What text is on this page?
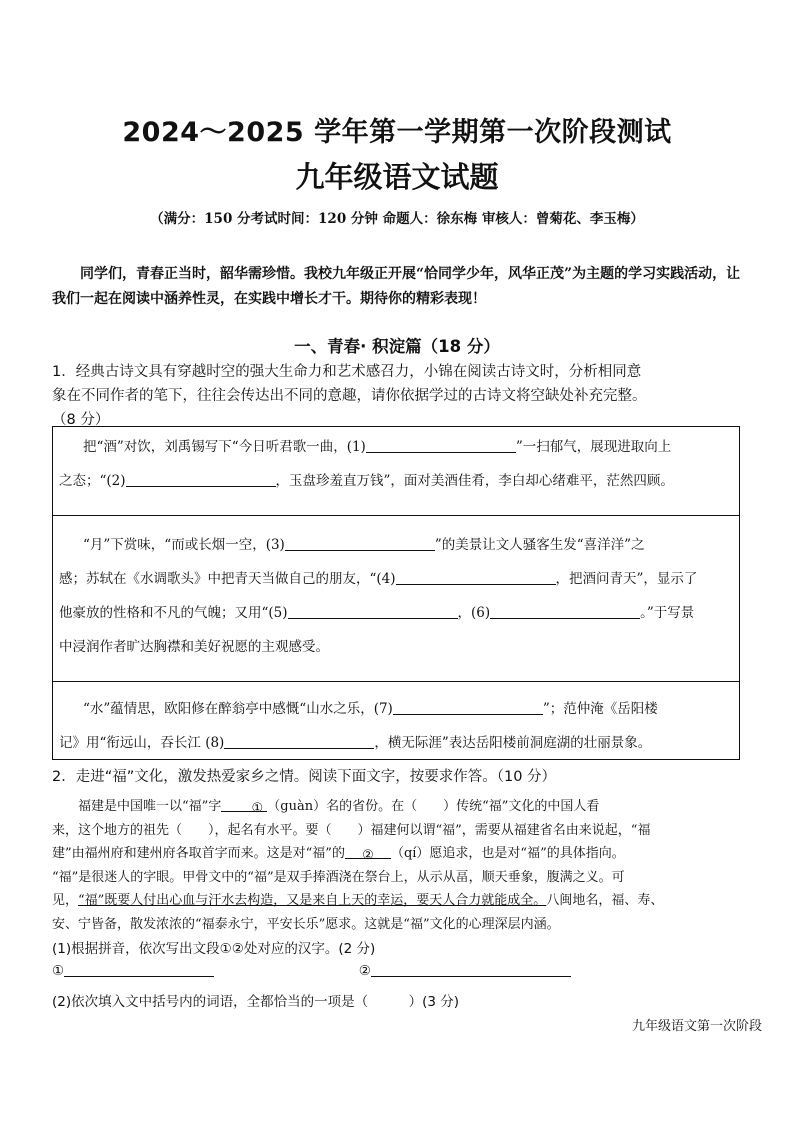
2024～2025 学年第一学期第一次阶段测试
九年级语文试题
（满分：150 分考试时间：120 分钟 命题人：徐东梅 审核人：曾菊花、李玉梅）
同学们，青春正当时，韶华需珍惜。我校九年级正开展“恰同学少年，风华正茂”为主题的学习实践活动，让我们一起在阅读中涵养性灵，在实践中增长才干。期待你的精彩表现！
一、青春· 积淀篇（18 分）
1．经典古诗文具有穿越时空的强大生命力和艺术感召力，小锦在阅读古诗文时，分析相同意
象在不同作者的笔下，往往会传达出不同的意趣，请你依据学过的古诗文将空缺处补充完整。
（8 分）
把“酒”对饮，刘禹锡写下“今日听君歌一曲，(1)	”一扫郁气，展现进取向上
之态；“(2)	，玉盘珍羞直万钱”，面对美酒佳肴，李白却心绪难平，茫然四顾。
“月”下赏味，“而或长烟一空，(3)	”的美景让文人骚客生发“喜洋洋”之
感；苏轼在《水调歌头》中把青天当做自己的朋友，“(4)	，把酒问青天”，显示了
他豪放的性格和不凡的气魄；又用“(5)	，(6)	。”于写景
中浸润作者旷达胸襟和美好祝愿的主观感受。
“水”蕴情思，欧阳修在醉翁亭中感慨“山水之乐，(7)	”；范仲淹《岳阳楼
记》用“衔远山，吞长江 (8)	，横无际涯”表达岳阳楼前洞庭湖的壮丽景象。
2．走进“福”文化，激发热爱家乡之情。阅读下面文字，按要求作答。（10 分）

福建是中国唯一以“福”字 ① （guàn）名的省份。在（　　）传统“福”文化的中国人看

来，这个地方的祖先（　　），起名有水平。要（　　）福建何以谓“福”，需要从福建省名由来说起，“福

建”由福州府和建州府各取首字而来。这是对“福”的 ② （qí）愿追求，也是对“福”的具体指向。

“福”是很迷人的字眼。甲骨文中的“福”是双手捧酒浇在祭台上，从示从畐，顺天垂象，腹满之义。可

见，“福”既要人付出心血与汗水去构造，又是来自上天的幸运，要天人合力就能成全。八闽地名，福、寿、

安、宁皆备，散发浓浓的“福泰永宁，平安长乐”愿求。这就是“福”文化的心理深层内涵。

(1)根据拼音，依次写出文段①②处对应的汉字。(2 分)
①	②
(2)依次填入文中括号内的词语，全都恰当的一项是（　　　）(3 分)
九年级语文第一次阶段
